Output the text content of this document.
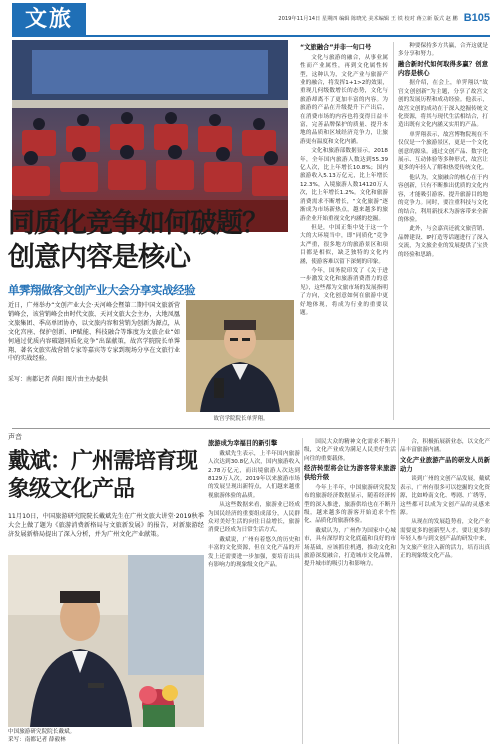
文旅	2019年11月14日 星期四 编辑 陈晓光 美术编辑 王 铁 校对 蒋立新 版式 赵 鹏 B105
同质化竞争如何破题？
创意内容是核心
单霁翔做客文创产业大会分享实战经验
近日，广州举办“文创产业大会·天河峰会暨第二期中国文旅新营销峰会，该营销峰会由时代文旅、天河文旅大会主办，大地凤凰文旅集团、季高单团协办，以文旅内容和营销为创新为源点，从文化宫座、保护创新、IP赋能、科技融合等维度为文旅企业“如何通过优质内容破题同质化竞争”出谋献策，故宫学院院长单霁翔、著名文旅实战营销专家等嘉宾等专家到现场分享在文旅行业中的实战经验。
采写：南都记者 尚阳 图片由主办提供
故宫学院院长单霁翔。
“文旅融合”并非一句口号
文化与旅游的融合，从事业属性而产业属性，再到文化属性转型，这种认为，文化产业与旅游产业的融合，将发挥1+1>2的效果，重现几何级数增长的态势，文化与旅游却离不了更加丰富的内容。为旅游的产品在升级提升下产出后，在消费市场的内容也将变得日益丰富，完善品牌保护的质量、提升本地的品质和区域经济竞争力，让旅游更有温度和文化内涵。
文化和旅游部数据显示，2018年，全年国内旅游人数达到55.39亿人次，比上年增长10.8%；国内旅游收入5.13万亿元，比上年增长12.3%，入境旅游人数14120万人次，比上年增长1.2%。文化和旅游消费需求不断增长，“文化旅游”逐渐成为市场新热点，越来越多的旅游企业开始重视文化内涵的挖掘。
但是，中国正集中处于这一个大的大环境当中，即“同质化”竞争太严重，很多地方的旅游景区和项目都是相似，缺乏独特的文化内涵，使游客难以留下深刻的印象。
今年，国务院印发了《关于进一步激发文化和旅游消费潜力的意见》，这些都为文旅市场的发展指明了方向，文化创意如何在旅游中更好地体现，将成为行业的重要议题。
种要保持多方共赢，合齐这就是多分享和努力。
融合新时代如何取得多赢？创意内容是核心
据介绍，在会上，单霁翔以“故宫文创创新”为主题，分享了故宫文创的发展历程和成功经验。他表示，故宫文创的成功在于深入挖掘传统文化资源，将其与现代生活相结合，打造出既有文化内涵又实用的产品。
单霁翔表示，故宫博物院现在不仅仅是一个旅游景区，更是一个文化创意的源泉。通过文创产品、数字化展示、互动体验等多种形式，故宫让更多的年轻人了解和热爱传统文化。
他认为，文旅融合的核心在于内容创新，只有不断推出优质的文化内容，才能吸引游客，提升旅游目的地的竞争力。同时，要注重科技与文化的结合，利用新技术为游客带来全新的体验。
此外，与会嘉宾还就文旅营销、品牌建设、IP打造等话题进行了深入交流，为文旅企业的发展提供了宝贵的经验和思路。
声音
戴斌：广州需培育现象级文化产品
11月10日，中国旅游研究院院长戴斌先生在广州文旅大讲堂·2019秋季大会上做了题为《旅游消费新格局与文旅新发展》的报告，对新旅游经济发展新格局提出了深入分析，并为广州文化产业献策。
中国旅游研究院院长戴斌。
采写：南都记者 薛毅林
旅游成为幸福目的新引擎
戴斌先生表示，上半年国内旅游人次达到30.8亿人次，国内旅游收入2.78万亿元，而出境旅游人次达到8129万人次。2019年以来旅游市场的发展呈现出新特点，人们越来越重视旅游体验的品质。
从这些数据来看，旅游业已经成为国民经济的重要组成部分，人民群众对美好生活的向往日益增长，旅游消费已经成为日常生活方式。
戴斌说，广州有着悠久的历史和丰富的文化资源，但在文化产品的开发上还需要进一步加强，要培育出具有影响力的现象级文化产品。
国民大众的精神文化需求不断升级，文化产业成为满足人民美好生活向往的重要载体。
经济转型将会让为游客带来旅游供给升级
今年上半年，中国旅游研究院发布的旅游经济数据显示，随着经济转型的深入推进，旅游供给也在不断升级，越来越多的游客开始追求个性化、品质化的旅游体验。
戴斌认为，广州作为国家中心城市，具有深厚的文化底蕴和良好的市场基础，应该抓住机遇，推动文化和旅游深度融合，打造城市文化品牌，提升城市的吸引力和影响力。
合，积极拓展新业态，以文化产品丰富旅游内涵。
文化产业旅游产品的研发人员新动力
谈到广州的文创产品发展，戴斌表示，广州有很多可以挖掘的文化资源，比如岭南文化、粤剧、广绣等，这些都可以成为文创产品的灵感来源。
从现在的发展趋势看，文化产业需要更多的创新型人才。要让更多的年轻人参与到文创产品的研发中来，为文旅产业注入新的活力，培育出真正的现象级文化产品。
